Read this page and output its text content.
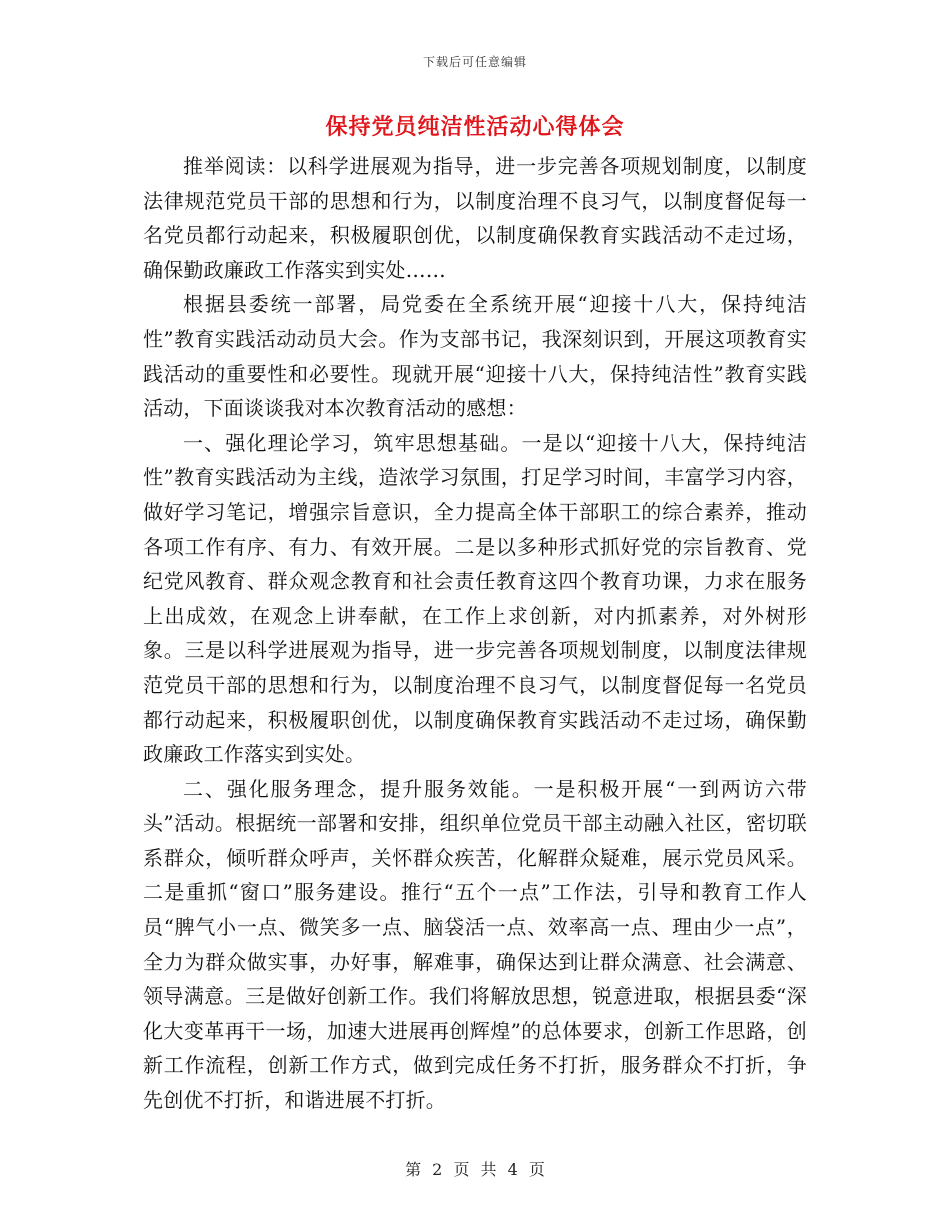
下载后可任意编辑
保持党员纯洁性活动心得体会

推举阅读：以科学进展观为指导，进一步完善各项规划制度，以制度法律规范党员干部的思想和行为，以制度治理不良习气，以制度督促每一名党员都行动起来，积极履职创优，以制度确保教育实践活动不走过场，确保勤政廉政工作落实到实处……

根据县委统一部署，局党委在全系统开展“迎接十八大，保持纯洁性”教育实践活动动员大会。作为支部书记，我深刻识到，开展这项教育实践活动的重要性和必要性。现就开展“迎接十八大，保持纯洁性”教育实践活动，下面谈谈我对本次教育活动的感想：

一、强化理论学习，筑牢思想基础。一是以“迎接十八大，保持纯洁性”教育实践活动为主线，造浓学习氛围，打足学习时间，丰富学习内容，做好学习笔记，增强宗旨意识，全力提高全体干部职工的综合素养，推动各项工作有序、有力、有效开展。二是以多种形式抓好党的宗旨教育、党纪党风教育、群众观念教育和社会责任教育这四个教育功课，力求在服务上出成效，在观念上讲奉献，在工作上求创新，对内抓素养，对外树形象。三是以科学进展观为指导，进一步完善各项规划制度，以制度法律规范党员干部的思想和行为，以制度治理不良习气，以制度督促每一名党员都行动起来，积极履职创优，以制度确保教育实践活动不走过场，确保勤政廉政工作落实到实处。

二、强化服务理念，提升服务效能。一是积极开展“一到两访六带头”活动。根据统一部署和安排，组织单位党员干部主动融入社区，密切联系群众，倾听群众呼声，关怀群众疾苦，化解群众疑难，展示党员风采。二是重抓“窗口”服务建设。推行“五个一点”工作法，引导和教育工作人员“脾气小一点、微笑多一点、脑袋活一点、效率高一点、理由少一点”，全力为群众做实事，办好事，解难事，确保达到让群众满意、社会满意、领导满意。三是做好创新工作。我们将解放思想，锐意进取，根据县委“深化大变革再干一场，加速大进展再创辉煌”的总体要求，创新工作思路，创新工作流程，创新工作方式，做到完成任务不打折，服务群众不打折，争先创优不打折，和谐进展不打折。

第 2 页 共 4 页
